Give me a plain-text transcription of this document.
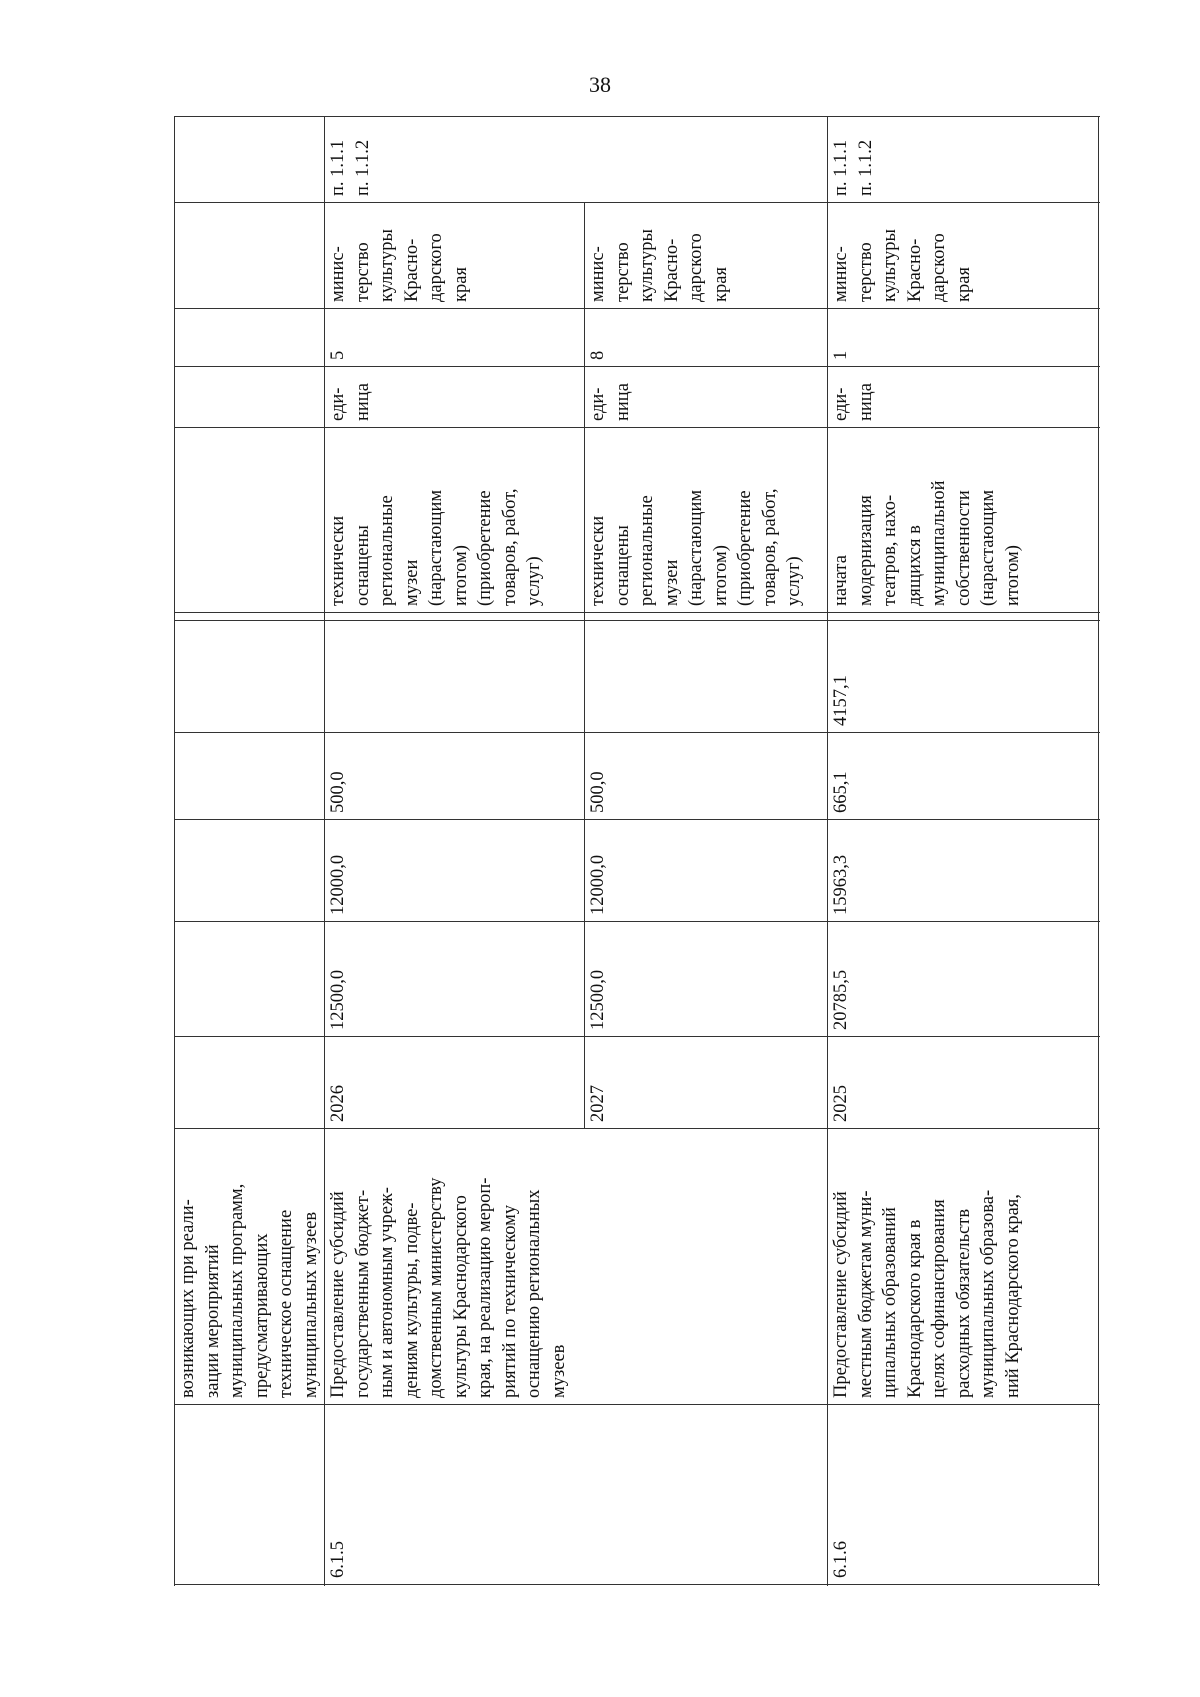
38
возникающих при реали- зации мероприятий муниципальных программ, предусматривающих техническое оснащение муниципальных музеев
6.1.5
Предоставление субсидий государственным бюджет- ным и автономным учреж- дениям культуры, подве- домственным министерству культуры Краснодарского края, на реализацию мероп- риятий по техническому оснащению региональных музеев
2026
12500,0
12000,0
500,0
технически оснащены региональные музеи (нарастающим итогом) (приобретение товаров, работ, услуг)
еди- ница
5
минис- терство культуры Красно- дарского края
п. 1.1.1 п. 1.1.2
2027
12500,0
12000,0
500,0
технически оснащены региональные музеи (нарастающим итогом) (приобретение товаров, работ, услуг)
еди- ница
8
минис- терство культуры Красно- дарского края
6.1.6
Предоставление субсидий местным бюджетам муни- ципальных образований Краснодарского края в целях софинансирования расходных обязательств муниципальных образова- ний Краснодарского края,
2025
20785,5
15963,3
665,1
4157,1
начата модернизация театров, нахо- дящихся в муниципальной собственности (нарастающим итогом)
еди- ница
1
минис- терство культуры Красно- дарского края
п. 1.1.1 п. 1.1.2
